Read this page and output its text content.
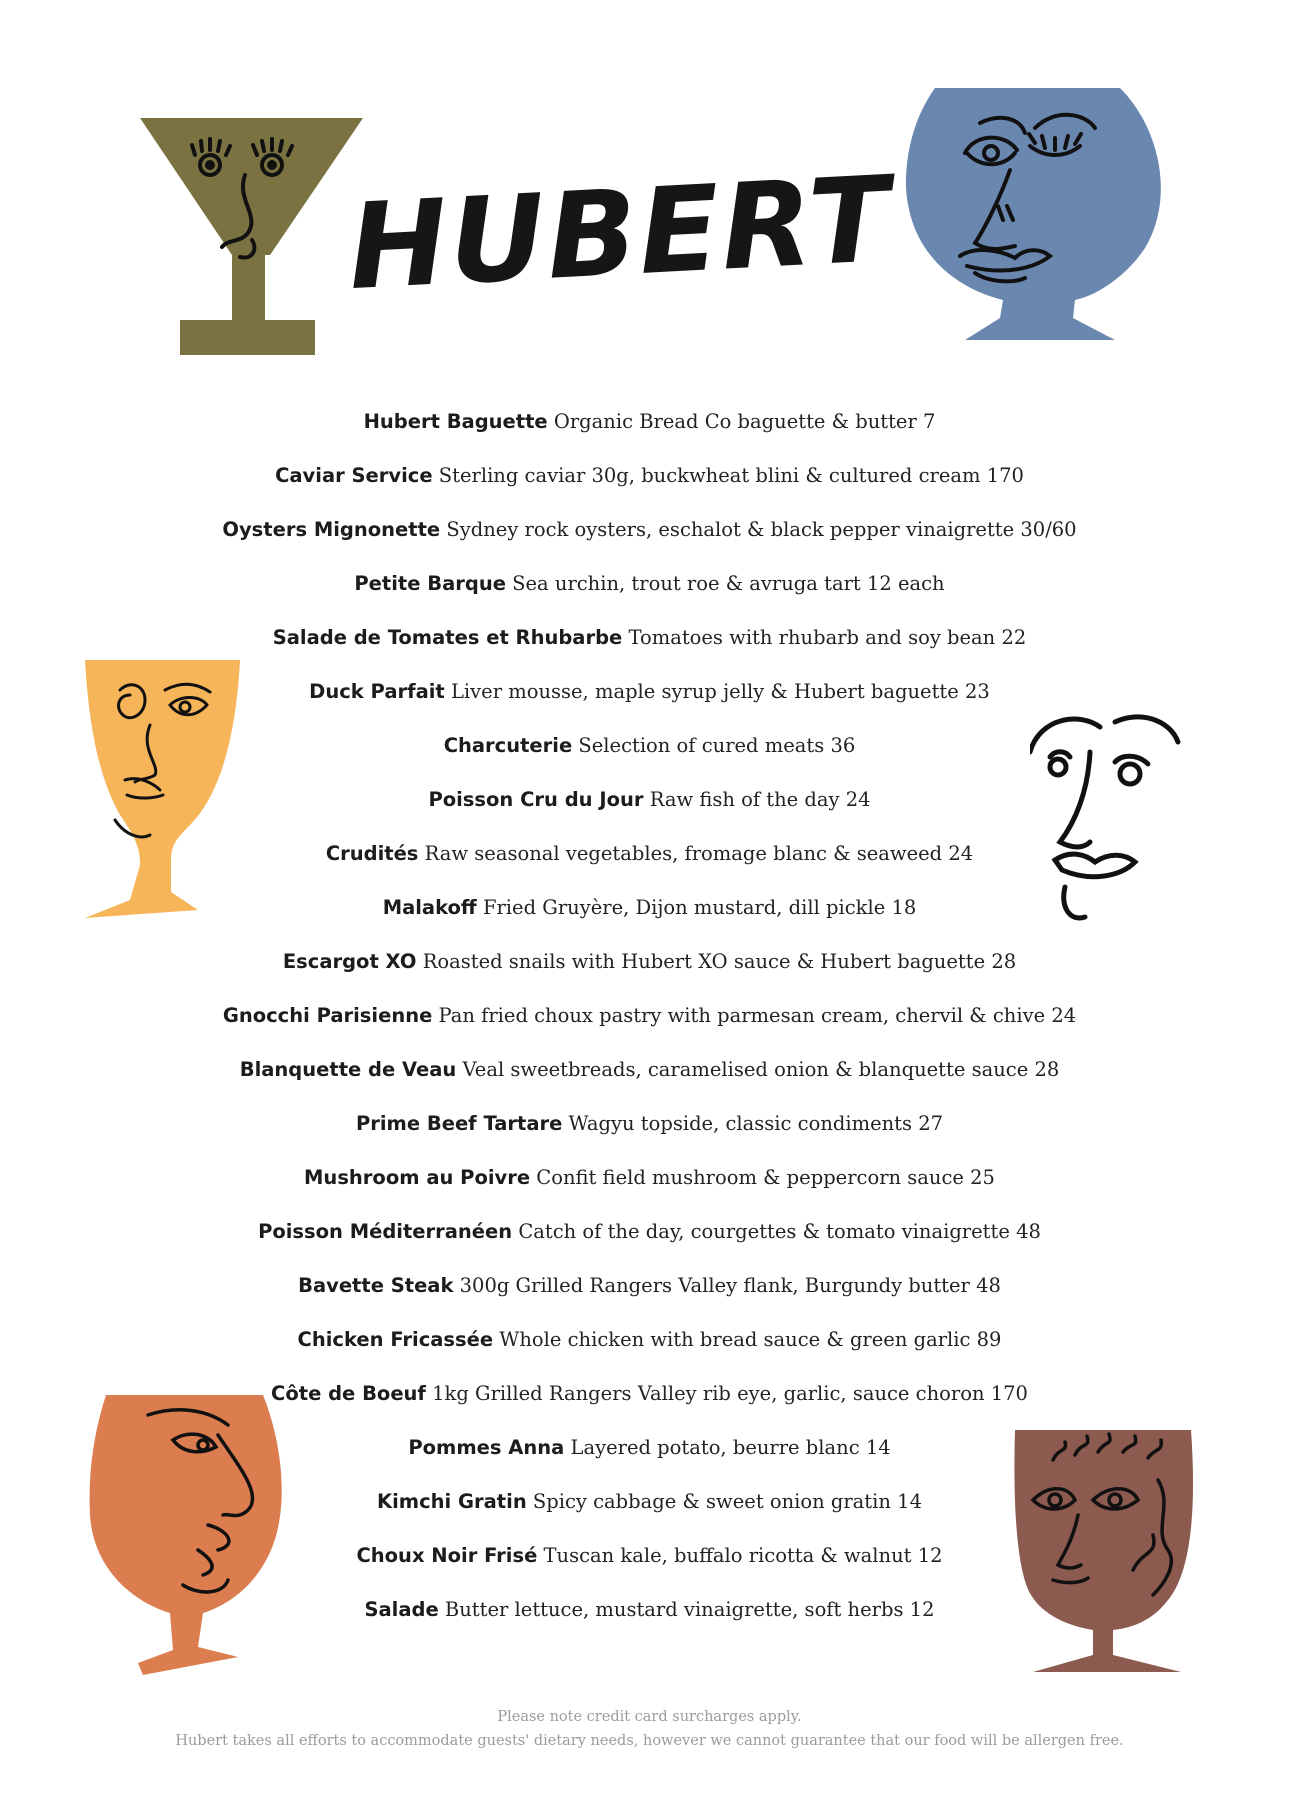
HUBERT
Hubert Baguette Organic Bread Co baguette & butter 7
Caviar Service Sterling caviar 30g, buckwheat blini & cultured cream 170
Oysters Mignonette Sydney rock oysters, eschalot & black pepper vinaigrette 30/60
Petite Barque Sea urchin, trout roe & avruga tart 12 each
Salade de Tomates et Rhubarbe Tomatoes with rhubarb and soy bean 22
Duck Parfait Liver mousse, maple syrup jelly & Hubert baguette 23
Charcuterie Selection of cured meats 36
Poisson Cru du Jour Raw fish of the day 24
Crudités Raw seasonal vegetables, fromage blanc & seaweed 24
Malakoff Fried Gruyère, Dijon mustard, dill pickle 18
Escargot XO Roasted snails with Hubert XO sauce & Hubert baguette 28
Gnocchi Parisienne Pan fried choux pastry with parmesan cream, chervil & chive 24
Blanquette de Veau Veal sweetbreads, caramelised onion & blanquette sauce 28
Prime Beef Tartare Wagyu topside, classic condiments 27
Mushroom au Poivre Confit field mushroom & peppercorn sauce 25
Poisson Méditerranéen Catch of the day, courgettes & tomato vinaigrette 48
Bavette Steak 300g Grilled Rangers Valley flank, Burgundy butter 48
Chicken Fricassée Whole chicken with bread sauce & green garlic 89
Côte de Boeuf 1kg Grilled Rangers Valley rib eye, garlic, sauce choron 170
Pommes Anna Layered potato, beurre blanc 14
Kimchi Gratin Spicy cabbage & sweet onion gratin 14
Choux Noir Frisé Tuscan kale, buffalo ricotta & walnut 12
Salade Butter lettuce, mustard vinaigrette, soft herbs 12
Please note credit card surcharges apply.
Hubert takes all efforts to accommodate guests' dietary needs, however we cannot guarantee that our food will be allergen free.
